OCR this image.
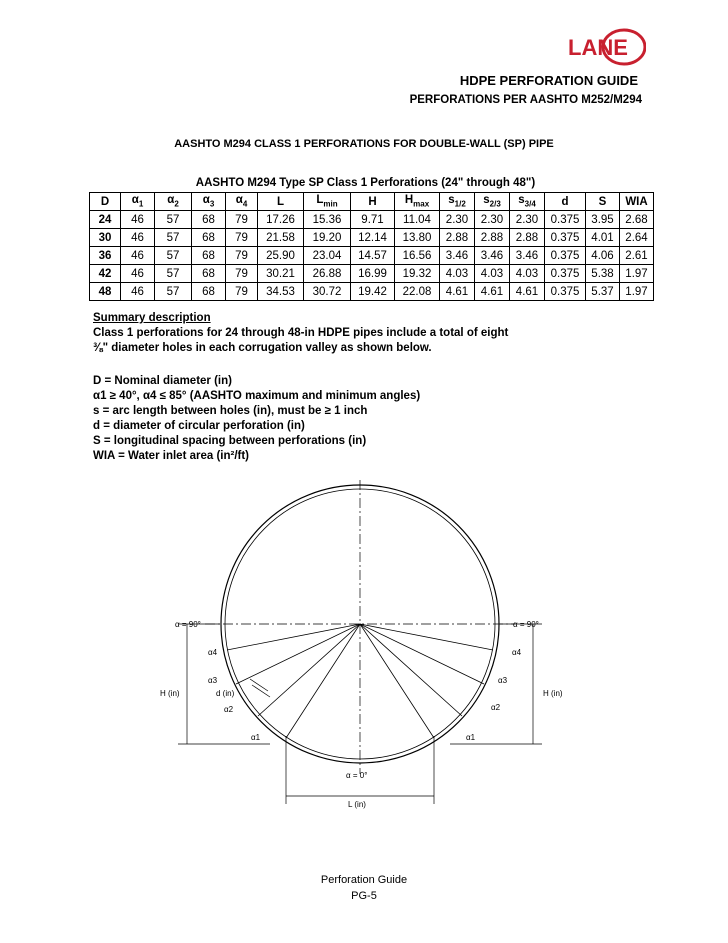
LANE
HDPE PERFORATION GUIDE
PERFORATIONS PER AASHTO M252/M294
AASHTO M294 CLASS 1 PERFORATIONS FOR DOUBLE-WALL (SP) PIPE
AASHTO M294 Type SP Class 1 Perforations (24" through 48")
D	$\alpha_1$	$\alpha_2$	$\alpha_3$	$\alpha_4$	L	$L_{min}$	H	$H_{max}$	$s_{1/2}$	$s_{2/3}$	$s_{3/4}$	d	S	WIA
24	46	57	68	79	17.26	15.36	9.71	11.04	2.30	2.30	2.30	0.375	3.95	2.68
30	46	57	68	79	21.58	19.20	12.14	13.80	2.88	2.88	2.88	0.375	4.01	2.64
36	46	57	68	79	25.90	23.04	14.57	16.56	3.46	3.46	3.46	0.375	4.06	2.61
42	46	57	68	79	30.21	26.88	16.99	19.32	4.03	4.03	4.03	0.375	5.38	1.97
48	46	57	68	79	34.53	30.72	19.42	22.08	4.61	4.61	4.61	0.375	5.37	1.97
Summary description
Class 1 perforations for 24 through 48-in HDPE pipes include a total of eight ⅜" diameter holes in each corrugation valley as shown below.
D = Nominal diameter (in)
α1 ≥ 40°, α4 ≤ 85° (AASHTO maximum and minimum angles)
s = arc length between holes (in), must be ≥ 1 inch
d = diameter of circular perforation (in)
S = longitudinal spacing between perforations (in)
WIA = Water inlet area (in²/ft)
α = 90°	α = 90°
α4	α4
α3	α3
α2	α2
α1	α1
H (in)	H (in)
d (in)
α = 0°
L (in)
Perforation Guide
PG-5
